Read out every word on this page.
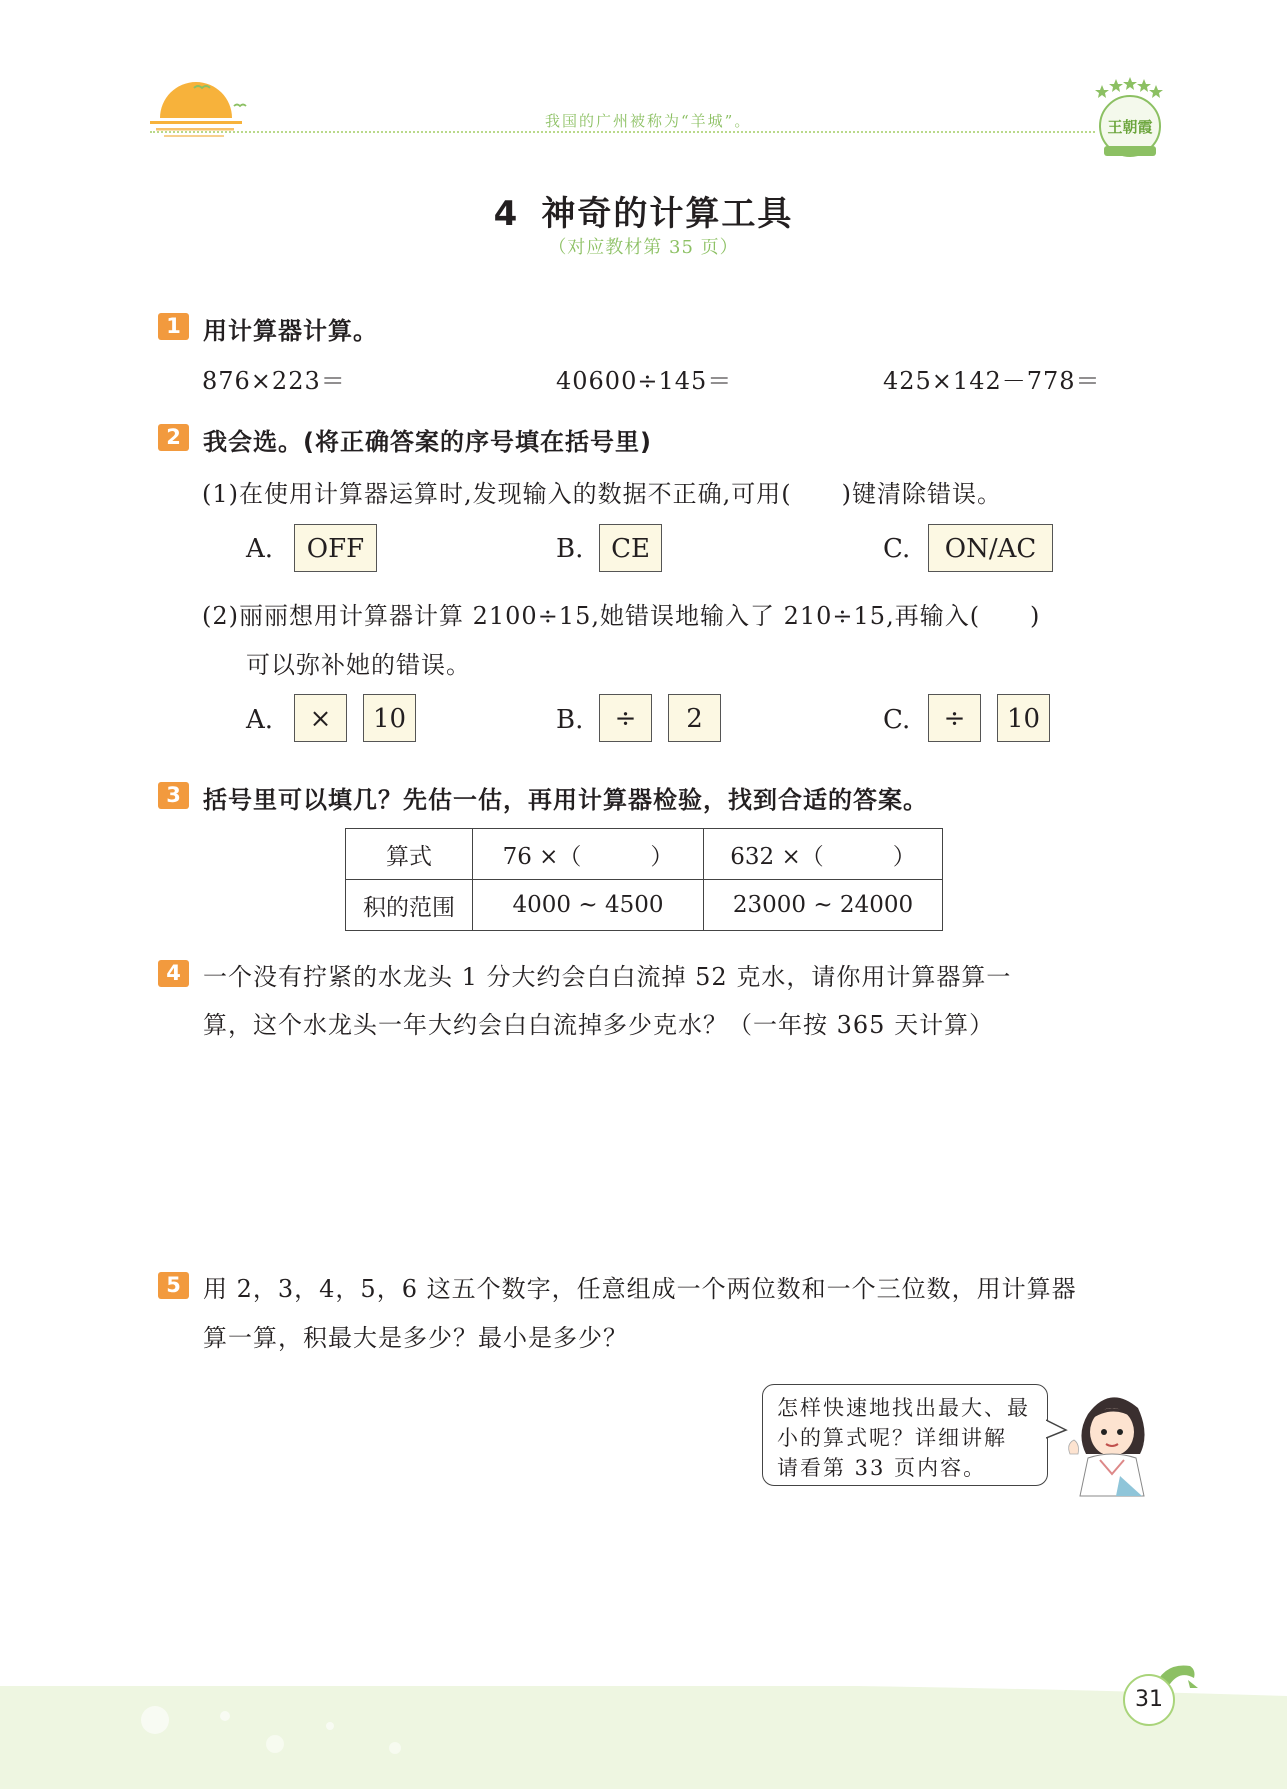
我国的广州被称为“羊城”。	王朝霞
4 神奇的计算工具
（对应教材第 35 页）
1 用计算器计算。
876×223＝	40600÷145＝	425×142－778＝
2 我会选。(将正确答案的序号填在括号里)
(1)在使用计算器运算时,发现输入的数据不正确,可用(　　)键清除错误。
A.	OFF	B.	CE	C.	ON/AC
(2)丽丽想用计算器计算 2100÷15,她错误地输入了 210÷15,再输入(　　)
可以弥补她的错误。
A.	×	10	B.	÷	2	C.	÷	10
3 括号里可以填几？先估一估，再用计算器检验，找到合适的答案。
算式	76 ×（　　　）	632 ×（　　　）
积的范围	4000 ~ 4500	23000 ~ 24000
4 一个没有拧紧的水龙头 1 分大约会白白流掉 52 克水，请你用计算器算一
算，这个水龙头一年大约会白白流掉多少克水？（一年按 365 天计算）
5 用 2，3，4，5，6 这五个数字，任意组成一个两位数和一个三位数，用计算器
算一算，积最大是多少？最小是多少？
怎样快速地找出最大、最
小的算式呢？详细讲解
请看第 33 页内容。
31
